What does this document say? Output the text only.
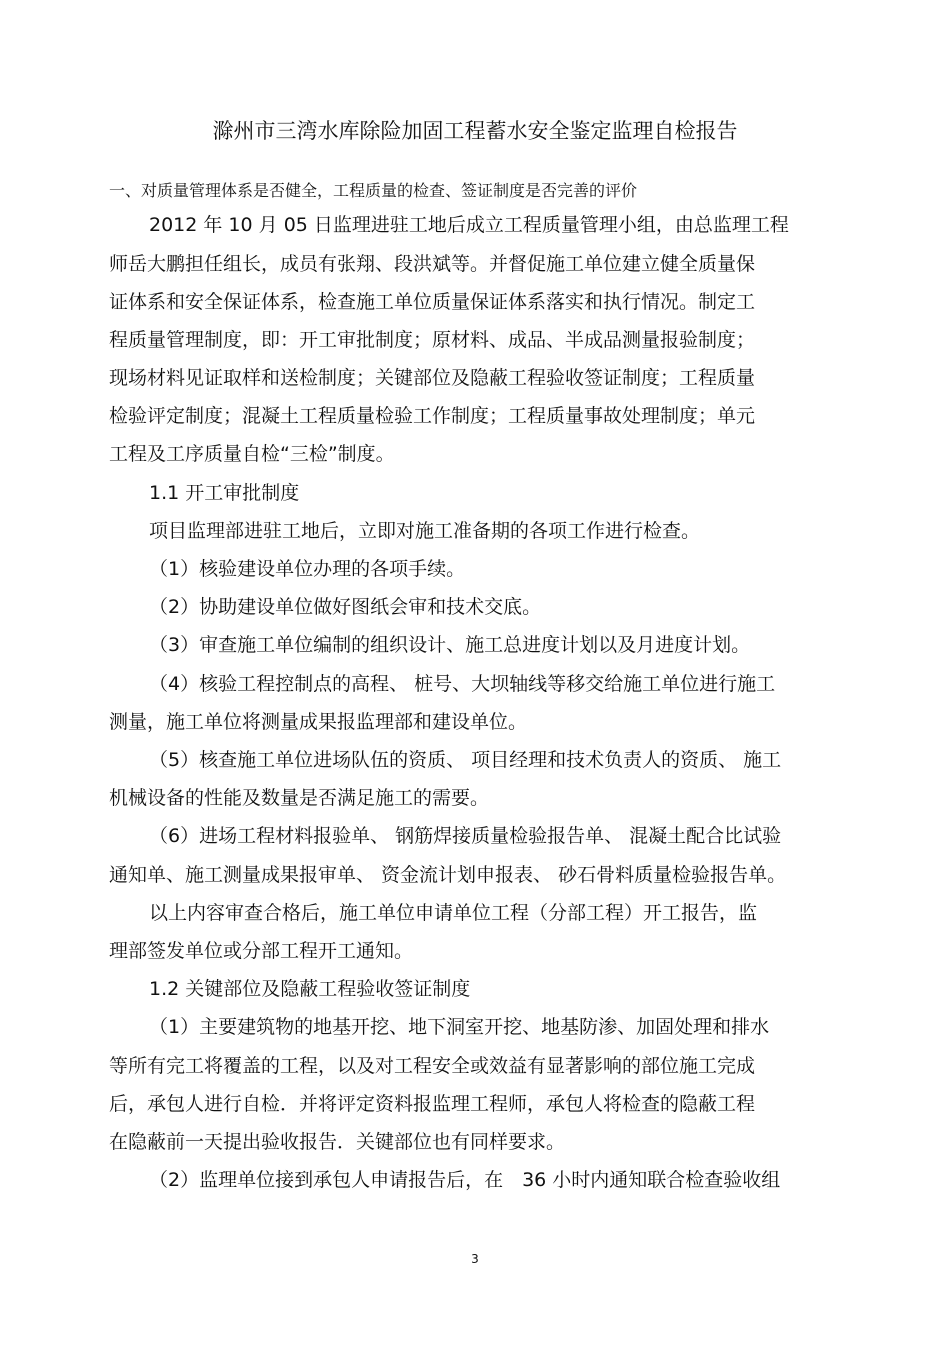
滁州市三湾水库除险加固工程蓄水安全鉴定监理自检报告
一、对质量管理体系是否健全，工程质量的检查、签证制度是否完善的评价
2012 年 10 月 05 日监理进驻工地后成立工程质量管理小组，由总监理工程
师岳大鹏担任组长，成员有张翔、段洪斌等。并督促施工单位建立健全质量保
证体系和安全保证体系，检查施工单位质量保证体系落实和执行情况。制定工
程质量管理制度，即：开工审批制度；原材料、成品、半成品测量报验制度；
现场材料见证取样和送检制度；关键部位及隐蔽工程验收签证制度；工程质量
检验评定制度；混凝土工程质量检验工作制度；工程质量事故处理制度；单元
工程及工序质量自检“三检”制度。
1.1 开工审批制度
项目监理部进驻工地后，立即对施工准备期的各项工作进行检查。
（1）核验建设单位办理的各项手续。
（2）协助建设单位做好图纸会审和技术交底。
（3）审查施工单位编制的组织设计、施工总进度计划以及月进度计划。
（4）核验工程控制点的高程、 桩号、大坝轴线等移交给施工单位进行施工
测量，施工单位将测量成果报监理部和建设单位。
（5）核查施工单位进场队伍的资质、 项目经理和技术负责人的资质、 施工
机械设备的性能及数量是否满足施工的需要。
（6）进场工程材料报验单、 钢筋焊接质量检验报告单、 混凝土配合比试验
通知单、施工测量成果报审单、 资金流计划申报表、 砂石骨料质量检验报告单。
以上内容审查合格后，施工单位申请单位工程（分部工程）开工报告，监
理部签发单位或分部工程开工通知。
1.2 关键部位及隐蔽工程验收签证制度
（1）主要建筑物的地基开挖、地下洞室开挖、地基防渗、加固处理和排水
等所有完工将覆盖的工程，以及对工程安全或效益有显著影响的部位施工完成
后，承包人进行自检．并将评定资料报监理工程师，承包人将检查的隐蔽工程
在隐蔽前一天提出验收报告．关键部位也有同样要求。
（2）监理单位接到承包人申请报告后，在　36 小时内通知联合检查验收组
3
